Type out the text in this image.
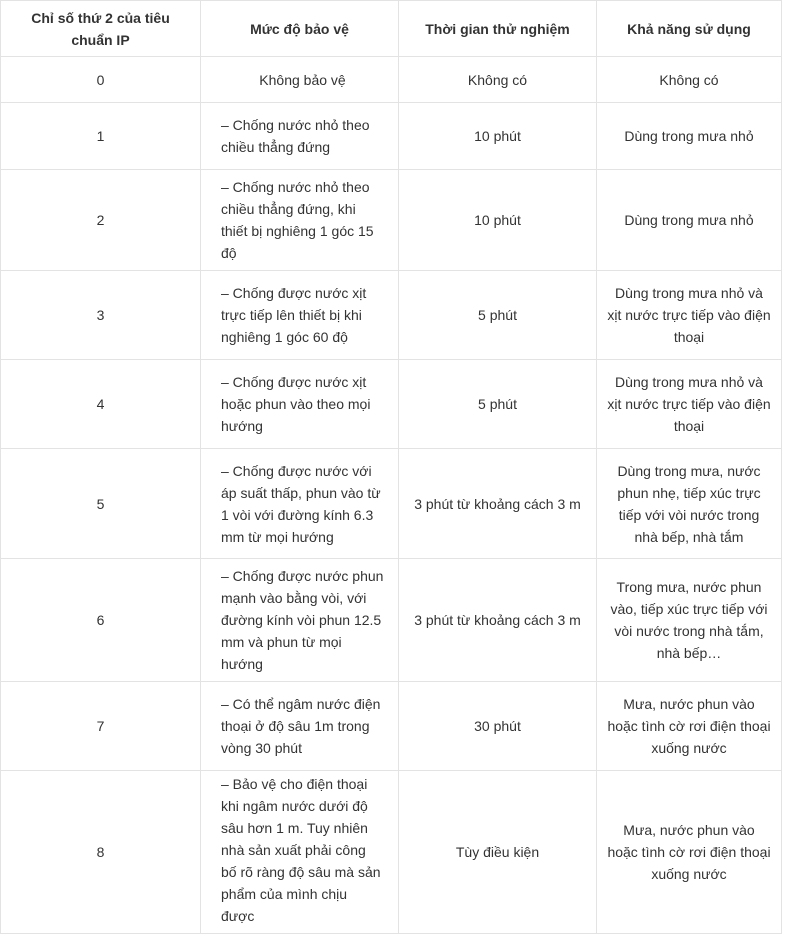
Chỉ số thứ 2 của tiêu chuẩn IP	Mức độ bảo vệ	Thời gian thử nghiệm	Khả năng sử dụng
0	Không bảo vệ	Không có	Không có
1	– Chống nước nhỏ theo chiều thẳng đứng	10 phút	Dùng trong mưa nhỏ
2	– Chống nước nhỏ theo chiều thẳng đứng, khi thiết bị nghiêng 1 góc 15 độ	10 phút	Dùng trong mưa nhỏ
3	– Chống được nước xịt trực tiếp lên thiết bị khi nghiêng 1 góc 60 độ	5 phút	Dùng trong mưa nhỏ và xịt nước trực tiếp vào điện thoại
4	– Chống được nước xịt hoặc phun vào theo mọi hướng	5 phút	Dùng trong mưa nhỏ và xịt nước trực tiếp vào điện thoại
5	– Chống được nước với áp suất thấp, phun vào từ 1 vòi với đường kính 6.3 mm từ mọi hướng	3 phút từ khoảng cách 3 m	Dùng trong mưa, nước phun nhẹ, tiếp xúc trực tiếp với vòi nước trong nhà bếp, nhà tắm
6	– Chống được nước phun mạnh vào bằng vòi, với đường kính vòi phun 12.5 mm và phun từ mọi hướng	3 phút từ khoảng cách 3 m	Trong mưa, nước phun vào, tiếp xúc trực tiếp với vòi nước trong nhà tắm, nhà bếp…
7	– Có thể ngâm nước điện thoại ở độ sâu 1m trong vòng 30 phút	30 phút	Mưa, nước phun vào hoặc tình cờ rơi điện thoại xuống nước
8	– Bảo vệ cho điện thoại khi ngâm nước dưới độ sâu hơn 1 m. Tuy nhiên nhà sản xuất phải công bố rõ ràng độ sâu mà sản phẩm của mình chịu được	Tùy điều kiện	Mưa, nước phun vào hoặc tình cờ rơi điện thoại xuống nước
